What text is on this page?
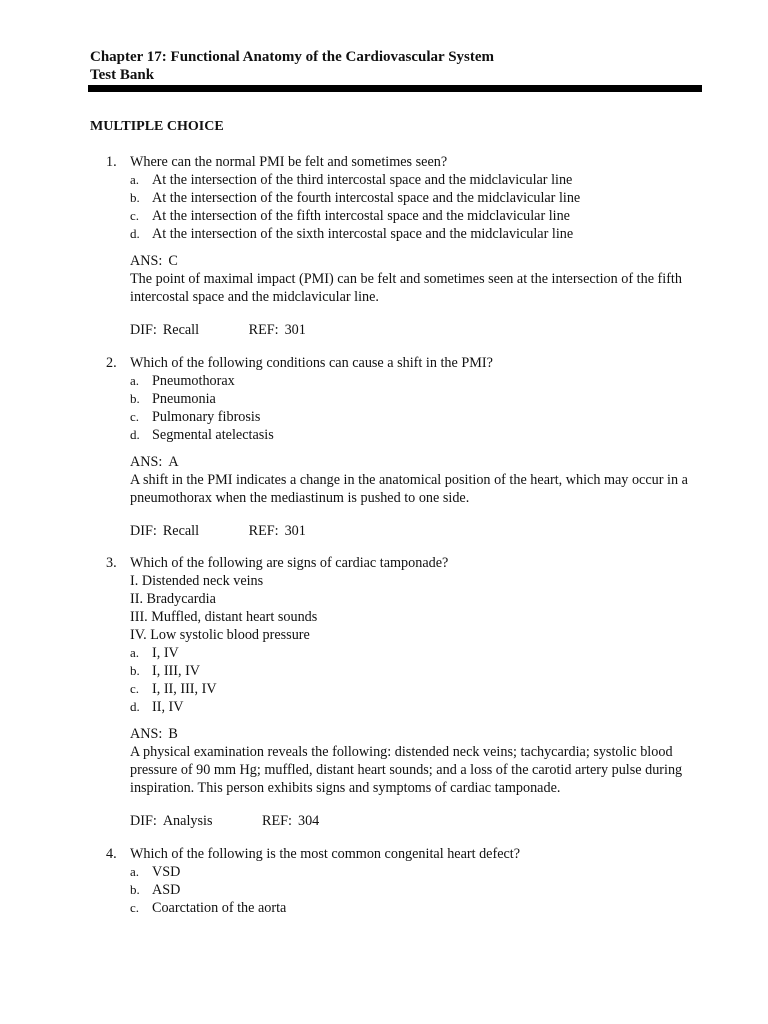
Chapter 17: Functional Anatomy of the Cardiovascular System

Test Bank

MULTIPLE CHOICE

1. Where can the normal PMI be felt and sometimes seen?
a. At the intersection of the third intercostal space and the midclavicular line
b. At the intersection of the fourth intercostal space and the midclavicular line
c. At the intersection of the fifth intercostal space and the midclavicular line
d. At the intersection of the sixth intercostal space and the midclavicular line
ANS: C
The point of maximal impact (PMI) can be felt and sometimes seen at the intersection of the fifth intercostal space and the midclavicular line.
DIF: Recall	REF: 301
2. Which of the following conditions can cause a shift in the PMI?
a. Pneumothorax
b. Pneumonia
c. Pulmonary fibrosis
d. Segmental atelectasis
ANS: A
A shift in the PMI indicates a change in the anatomical position of the heart, which may occur in a pneumothorax when the mediastinum is pushed to one side.
DIF: Recall	REF: 301
3. Which of the following are signs of cardiac tamponade?
I. Distended neck veins
II. Bradycardia
III. Muffled, distant heart sounds
IV. Low systolic blood pressure
a. I, IV
b. I, III, IV
c. I, II, III, IV
d. II, IV
ANS: B
A physical examination reveals the following: distended neck veins; tachycardia; systolic blood pressure of 90 mm Hg; muffled, distant heart sounds; and a loss of the carotid artery pulse during inspiration. This person exhibits signs and symptoms of cardiac tamponade.
DIF: Analysis	REF: 304
4. Which of the following is the most common congenital heart defect?
a. VSD
b. ASD
c. Coarctation of the aorta
